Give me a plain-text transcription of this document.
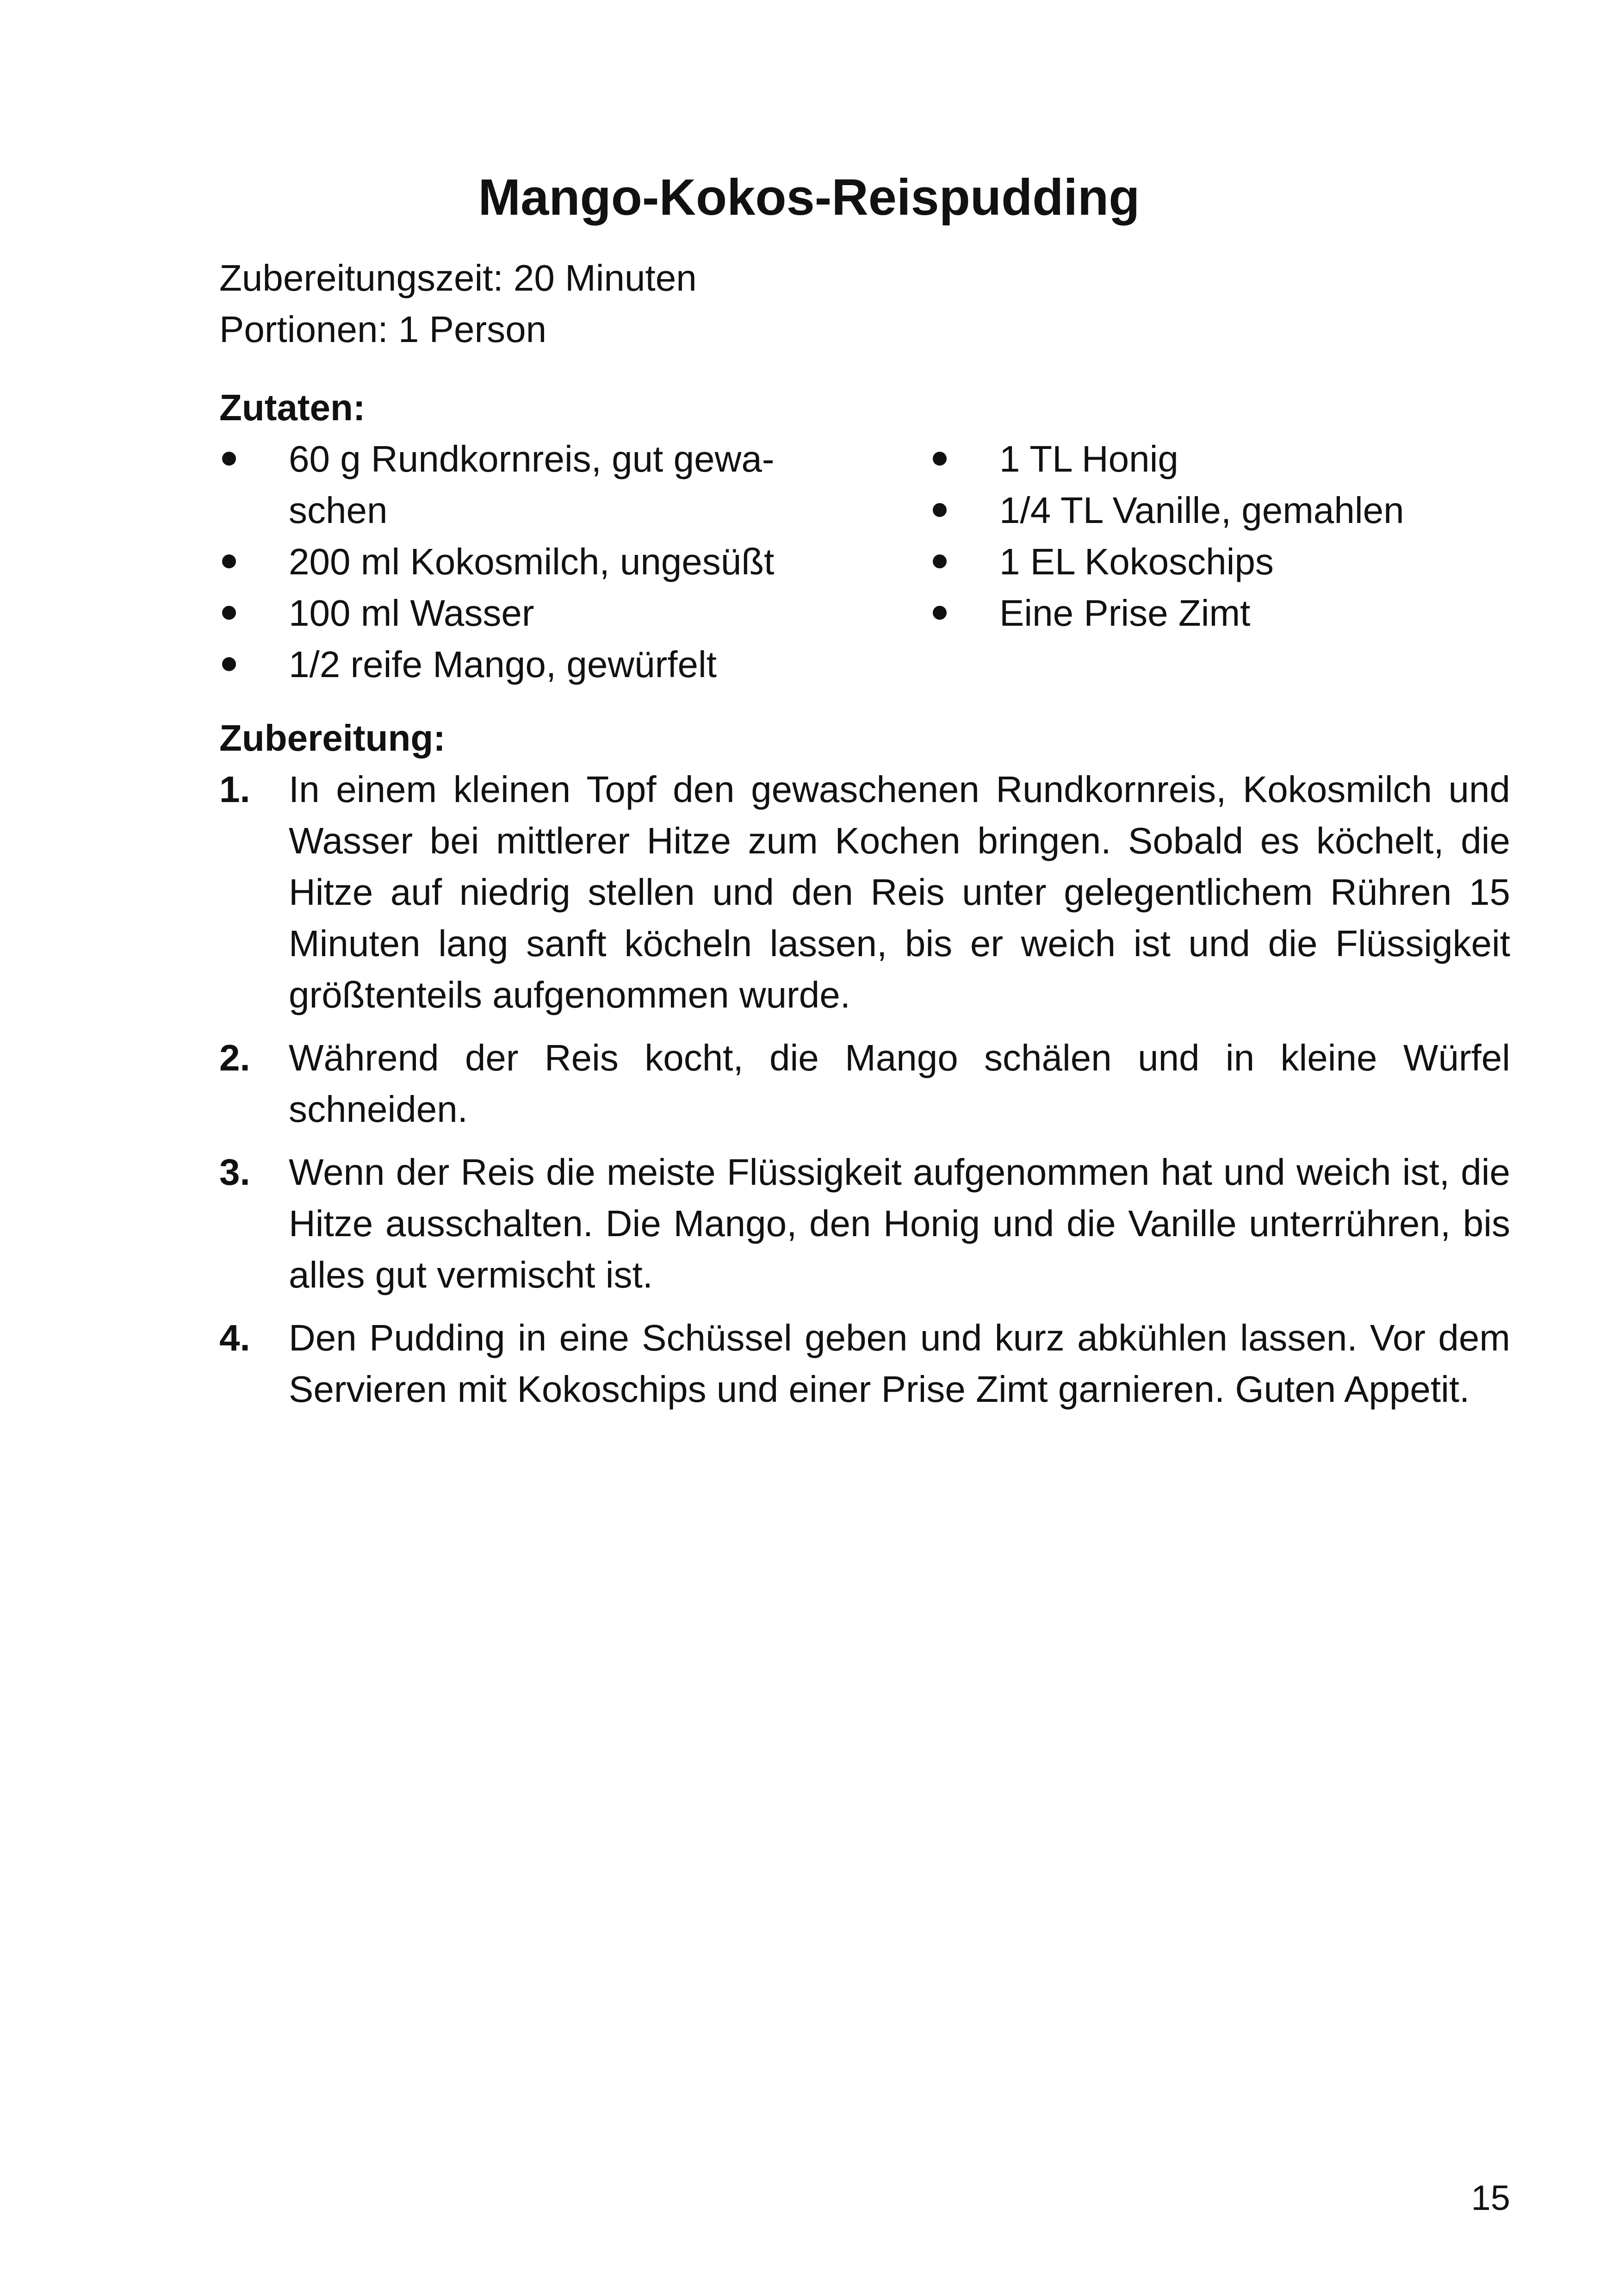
Mango-Kokos-Reispudding
Zubereitungszeit: 20 Minuten
Portionen: 1 Person
Zutaten:
60 g Rundkornreis, gut gewa-schen
200 ml Kokosmilch, ungesüßt
100 ml Wasser
1/2 reife Mango, gewürfelt
1 TL Honig
1/4 TL Vanille, gemahlen
1 EL Kokoschips
Eine Prise Zimt
Zubereitung:
1. In einem kleinen Topf den gewaschenen Rundkornreis, Kokosmilch und Wasser bei mittlerer Hitze zum Kochen bringen. Sobald es köchelt, die Hitze auf niedrig stellen und den Reis unter gelegentlichem Rühren 15 Minuten lang sanft köcheln lassen, bis er weich ist und die Flüssigkeit größtenteils aufgenommen wurde.
2. Während der Reis kocht, die Mango schälen und in kleine Würfel schneiden.
3. Wenn der Reis die meiste Flüssigkeit aufgenommen hat und weich ist, die Hitze ausschalten. Die Mango, den Honig und die Vanille unterrühren, bis alles gut vermischt ist.
4. Den Pudding in eine Schüssel geben und kurz abkühlen lassen. Vor dem Servieren mit Kokoschips und einer Prise Zimt garnieren. Guten Appetit.
15
